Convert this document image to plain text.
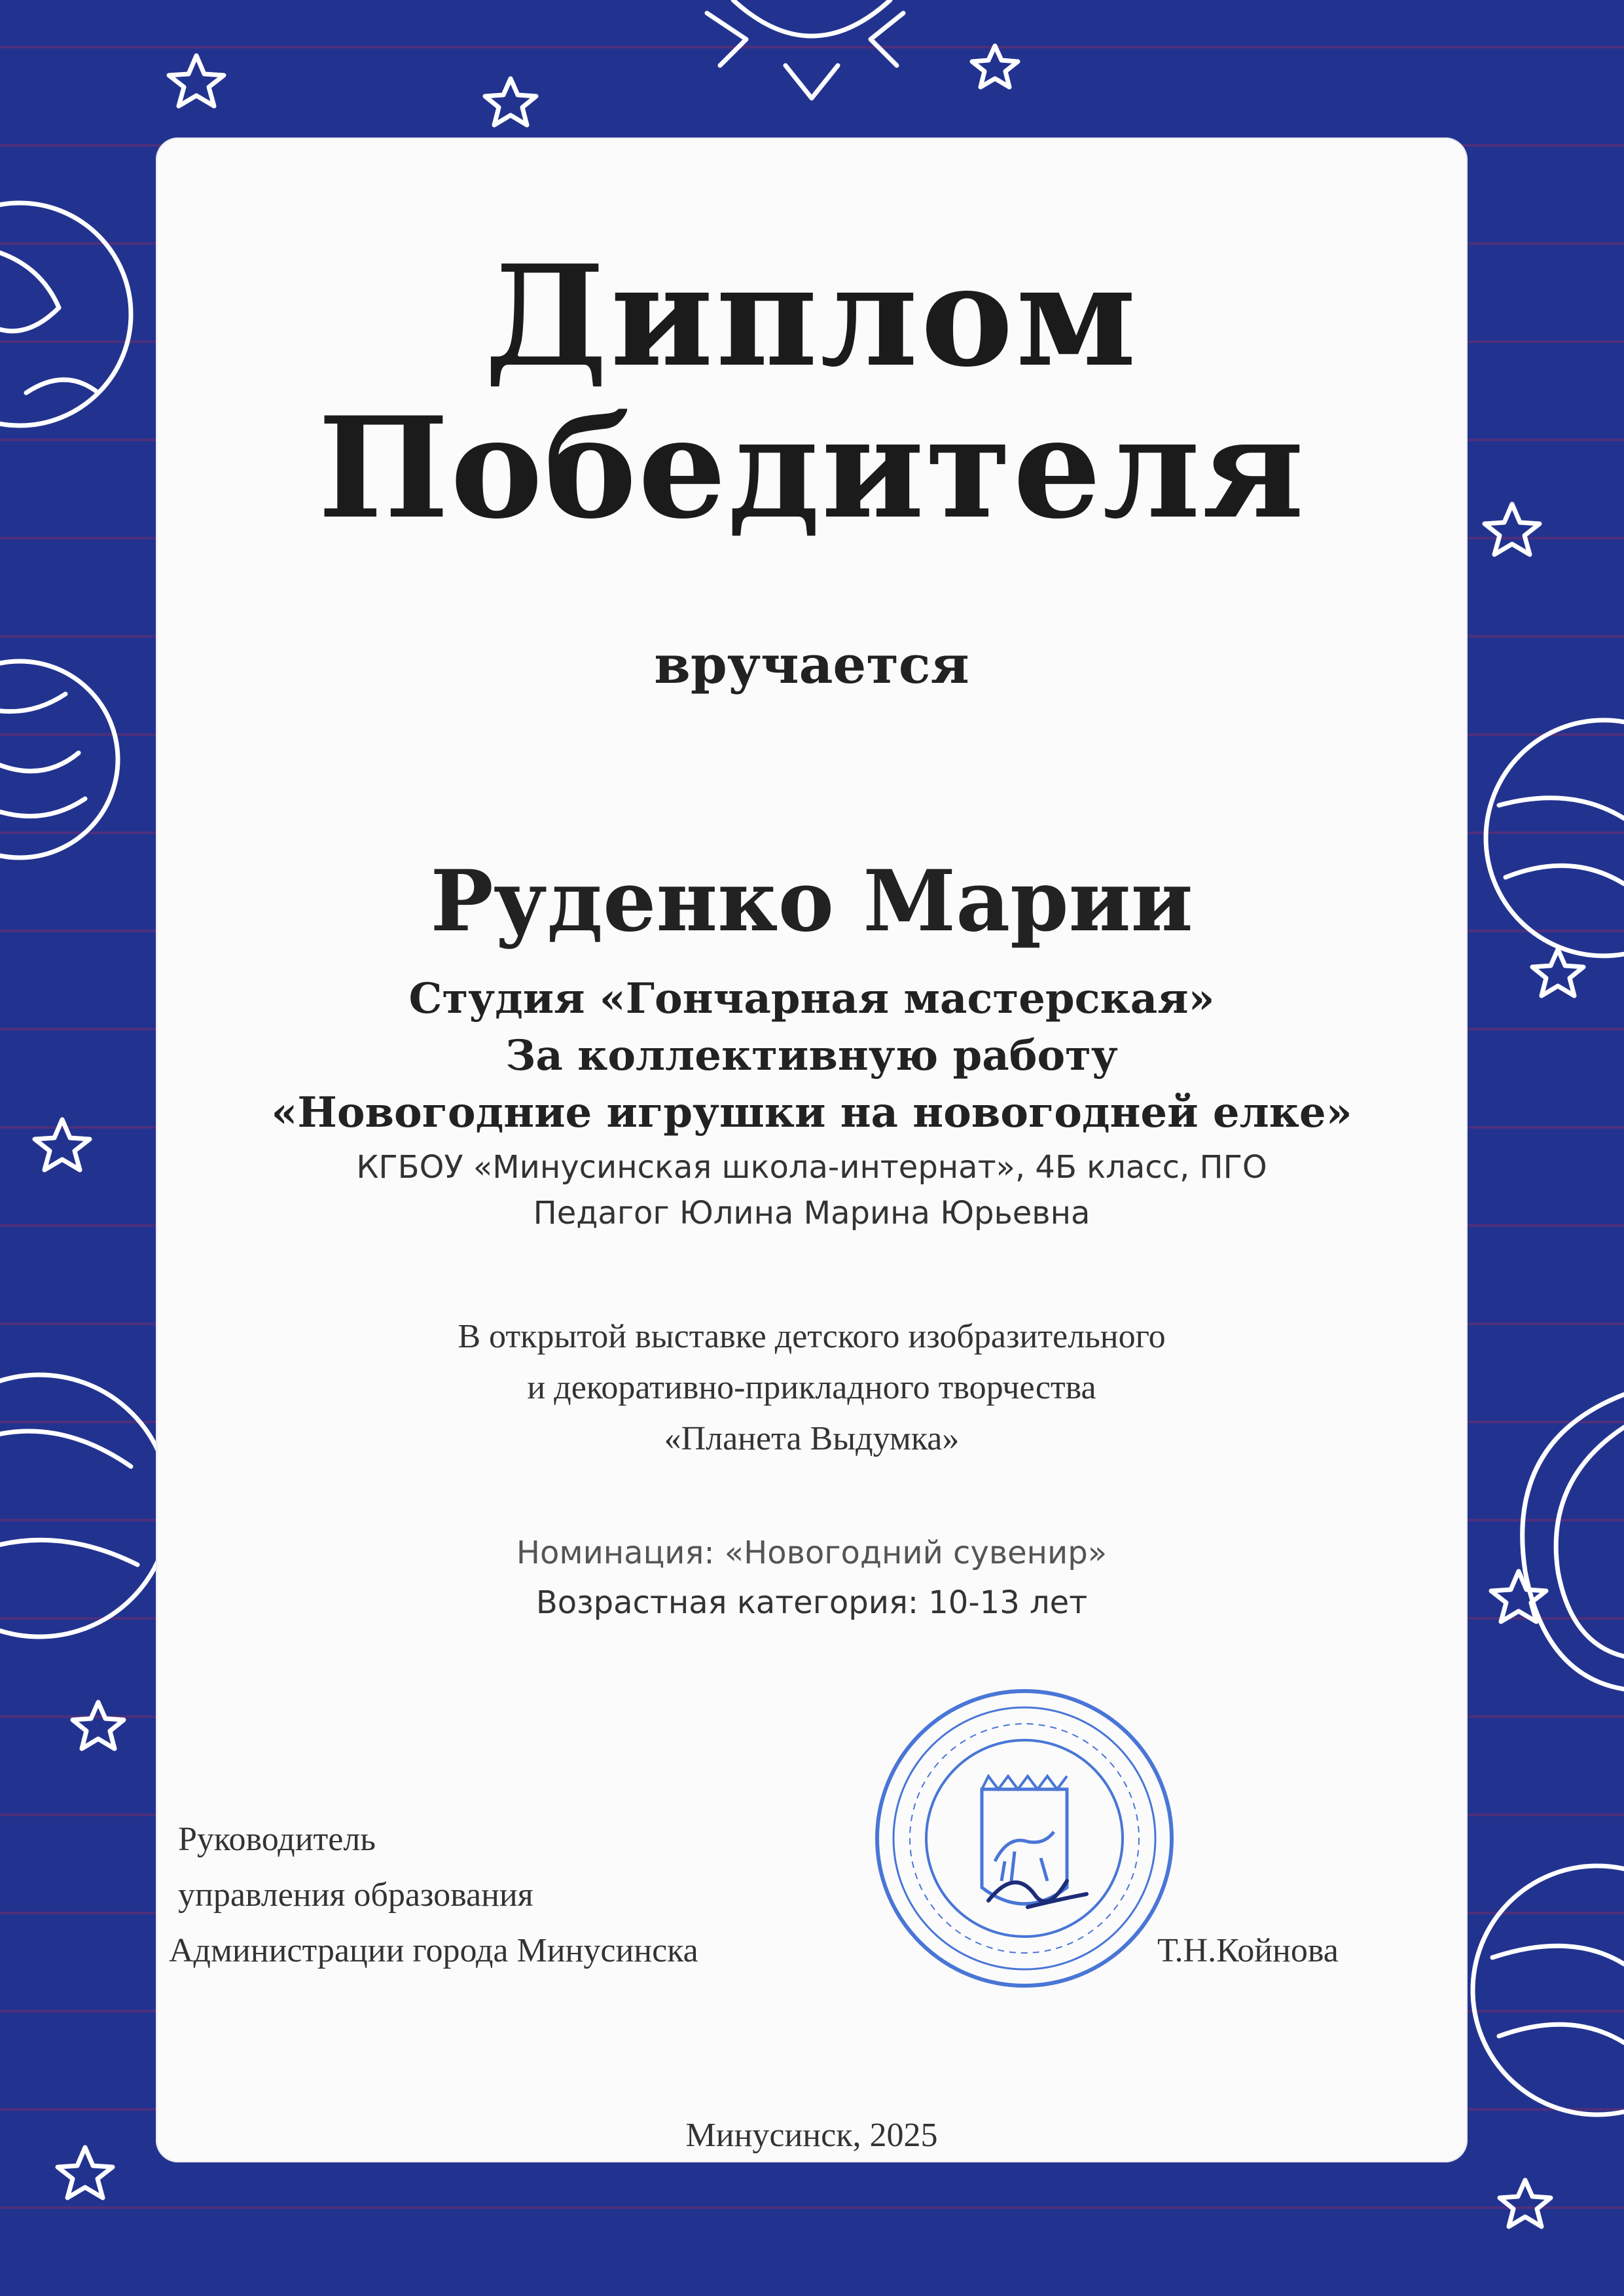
Диплом

Победителя

вручается

Руденко Марии

Студия «Гончарная мастерская»

За коллективную работу

«Новогодние игрушки на новогодней елке»

КГБОУ «Минусинская школа-интернат», 4Б класс, ПГО

Педагог Юлина Марина Юрьевна

В открытой выставке детского изобразительного

и декоративно-прикладного творчества

«Планета Выдумка»

Номинация: «Новогодний сувенир»

Возрастная категория: 10-13 лет

Руководитель

управления образования

Администрации города Минусинска	Т.Н.Койнова

Минусинск, 2025
